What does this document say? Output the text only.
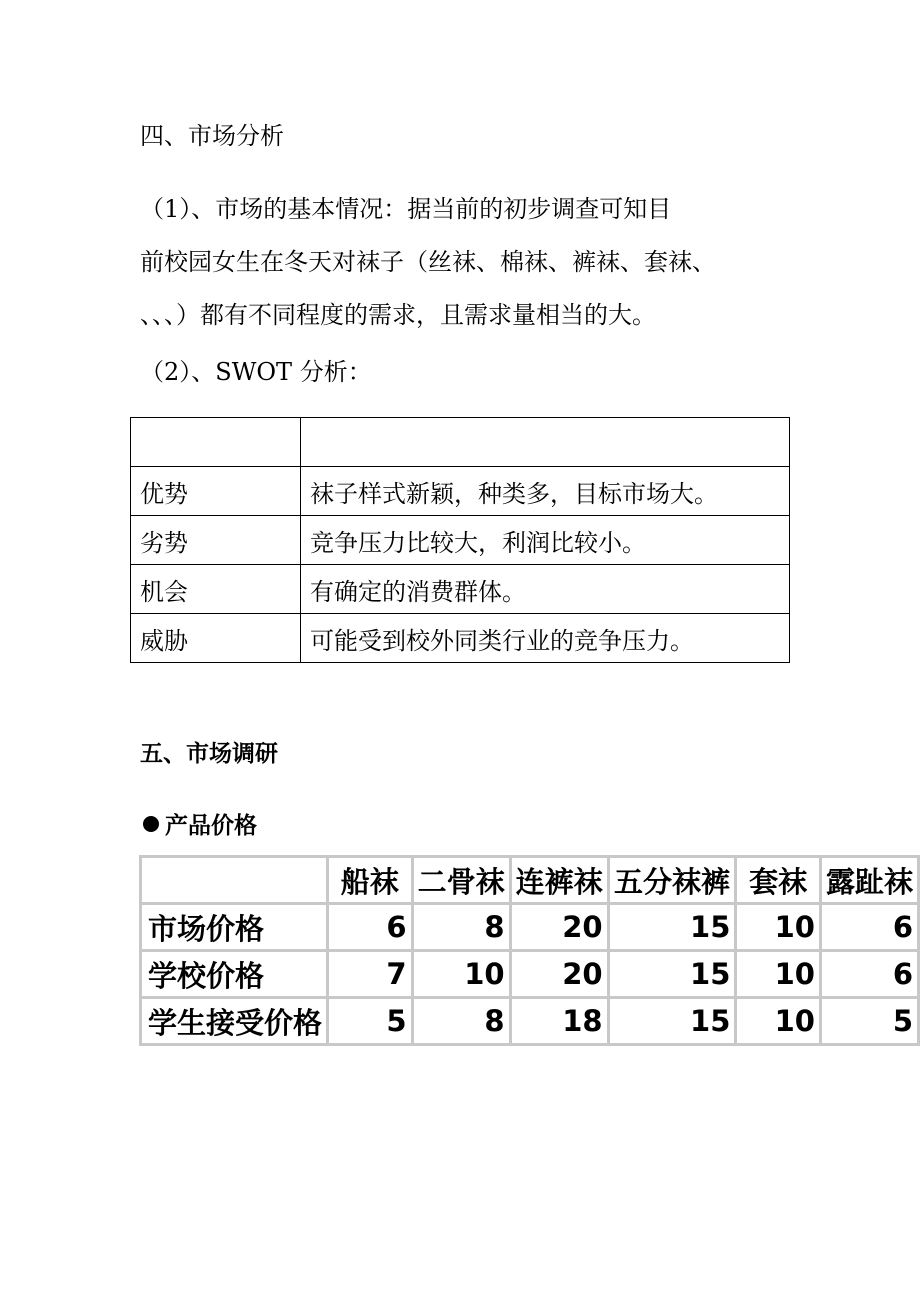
四、市场分析
（1）、市场的基本情况：据当前的初步调查可知目
前校园女生在冬天对袜子（丝袜、棉袜、裤袜、套袜、
、、、）都有不同程度的需求，且需求量相当的大。
（2）、SWOT 分析：

优势	袜子样式新颖，种类多，目标市场大。
劣势	竞争压力比较大，利润比较小。
机会	有确定的消费群体。
威胁	可能受到校外同类行业的竞争压力。
五、市场调研
产品价格
	船袜	二骨袜	连裤袜	五分袜裤	套袜	露趾袜
市场价格	6	8	20	15	10	6
学校价格	7	10	20	15	10	6
学生接受价格	5	8	18	15	10	5
